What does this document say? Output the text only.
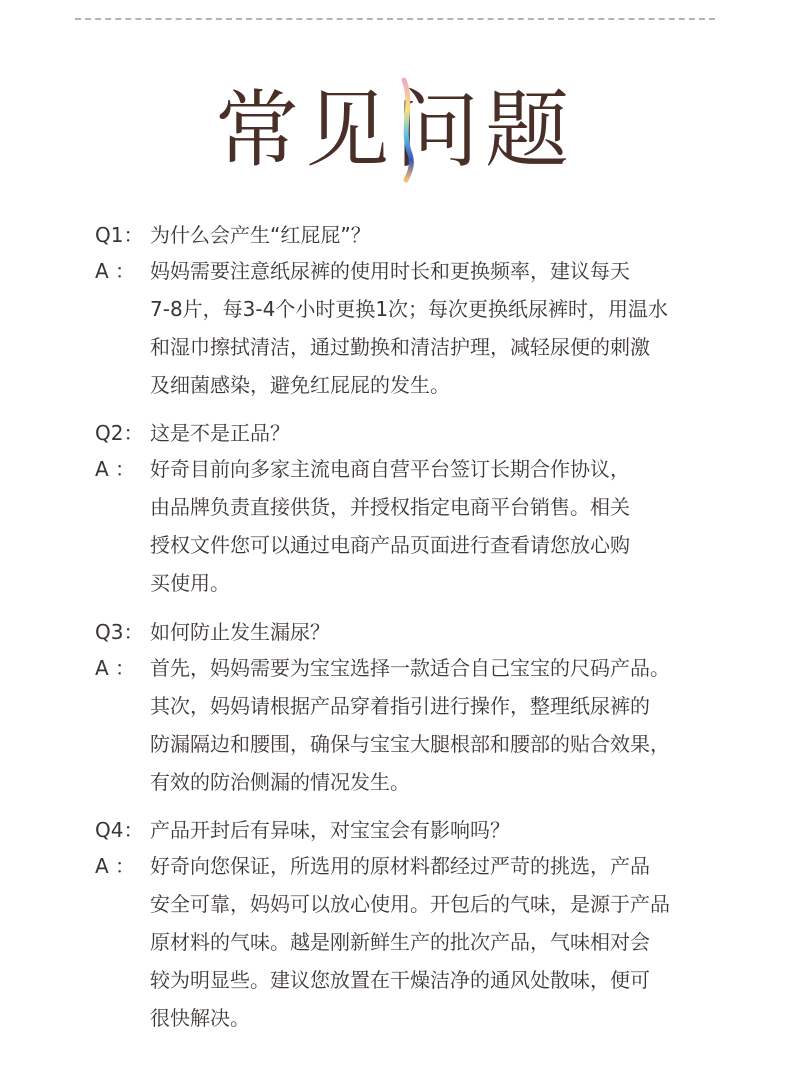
常见问题
Q1： 为什么会产生“红屁屁”？
A ： 妈妈需要注意纸尿裤的使用时长和更换频率，建议每天
7-8片，每3-4个小时更换1次；每次更换纸尿裤时，用温水
和湿巾擦拭清洁，通过勤换和清洁护理，减轻尿便的刺激
及细菌感染，避免红屁屁的发生。
Q2： 这是不是正品？
A ： 好奇目前向多家主流电商自营平台签订长期合作协议，
由品牌负责直接供货，并授权指定电商平台销售。相关
授权文件您可以通过电商产品页面进行查看请您放心购
买使用。
Q3： 如何防止发生漏尿？
A ： 首先，妈妈需要为宝宝选择一款适合自己宝宝的尺码产品。
其次，妈妈请根据产品穿着指引进行操作，整理纸尿裤的
防漏隔边和腰围，确保与宝宝大腿根部和腰部的贴合效果，
有效的防治侧漏的情况发生。
Q4： 产品开封后有异味，对宝宝会有影响吗？
A ： 好奇向您保证，所选用的原材料都经过严苛的挑选，产品
安全可靠，妈妈可以放心使用。开包后的气味，是源于产品
原材料的气味。越是刚新鲜生产的批次产品，气味相对会
较为明显些。建议您放置在干燥洁净的通风处散味，便可
很快解决。
